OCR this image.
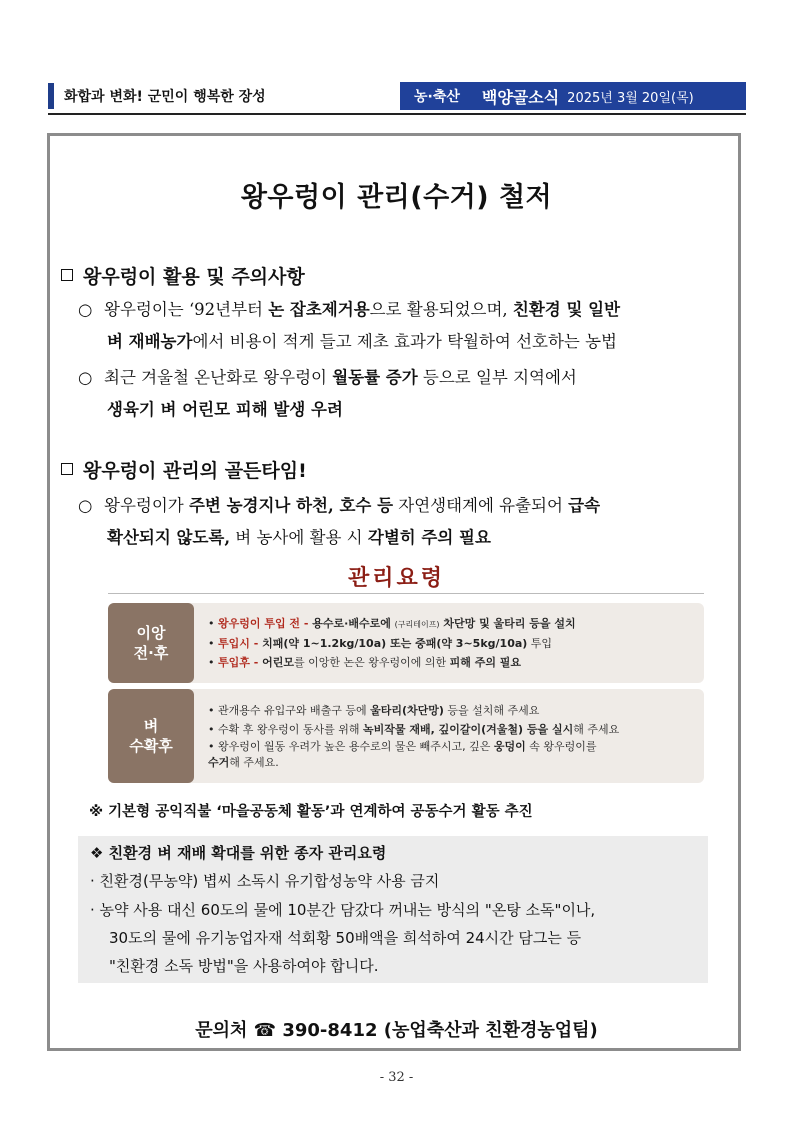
화합과 변화! 군민이 행복한 장성	농·축산 백양골소식 2025년 3월 20일(목)
왕우렁이 관리(수거) 철저
왕우렁이 활용 및 주의사항
○ 왕우렁이는 ‘92년부터 논 잡초제거용으로 활용되었으며, 친환경 및 일반
벼 재배농가에서 비용이 적게 들고 제초 효과가 탁월하여 선호하는 농법
○ 최근 겨울철 온난화로 왕우렁이 월동률 증가 등으로 일부 지역에서
생육기 벼 어린모 피해 발생 우려
왕우렁이 관리의 골든타임!
○ 왕우렁이가 주변 농경지나 하천, 호수 등 자연생태계에 유출되어 급속
확산되지 않도록, 벼 농사에 활용 시 각별히 주의 필요
관리요령
이앙
전·후
• 왕우렁이 투입 전 - 용수로·배수로에 (구리테이프) 차단망 및 울타리 등을 설치
• 투입시 - 치패(약 1~1.2kg/10a) 또는 중패(약 3~5kg/10a) 투입
• 투입후 - 어린모를 이앙한 논은 왕우렁이에 의한 피해 주의 필요
벼
수확후
• 관개용수 유입구와 배출구 등에 울타리(차단망) 등을 설치해 주세요
• 수확 후 왕우렁이 동사를 위해 녹비작물 재배, 깊이갈이(겨울철) 등을 실시해 주세요
• 왕우렁이 월동 우려가 높은 용수로의 물은 빼주시고, 깊은 웅덩이 속 왕우렁이를
수거해 주세요.
※ 기본형 공익직불 ‘마을공동체 활동’과 연계하여 공동수거 활동 추진
❖ 친환경 벼 재배 확대를 위한 종자 관리요령
· 친환경(무농약) 볍씨 소독시 유기합성농약 사용 금지
· 농약 사용 대신 60도의 물에 10분간 담갔다 꺼내는 방식의 "온탕 소독"이나,
30도의 물에 유기농업자재 석회황 50배액을 희석하여 24시간 담그는 등
"친환경 소독 방법"을 사용하여야 합니다.
문의처 ☎ 390-8412 (농업축산과 친환경농업팀)
- 32 -
